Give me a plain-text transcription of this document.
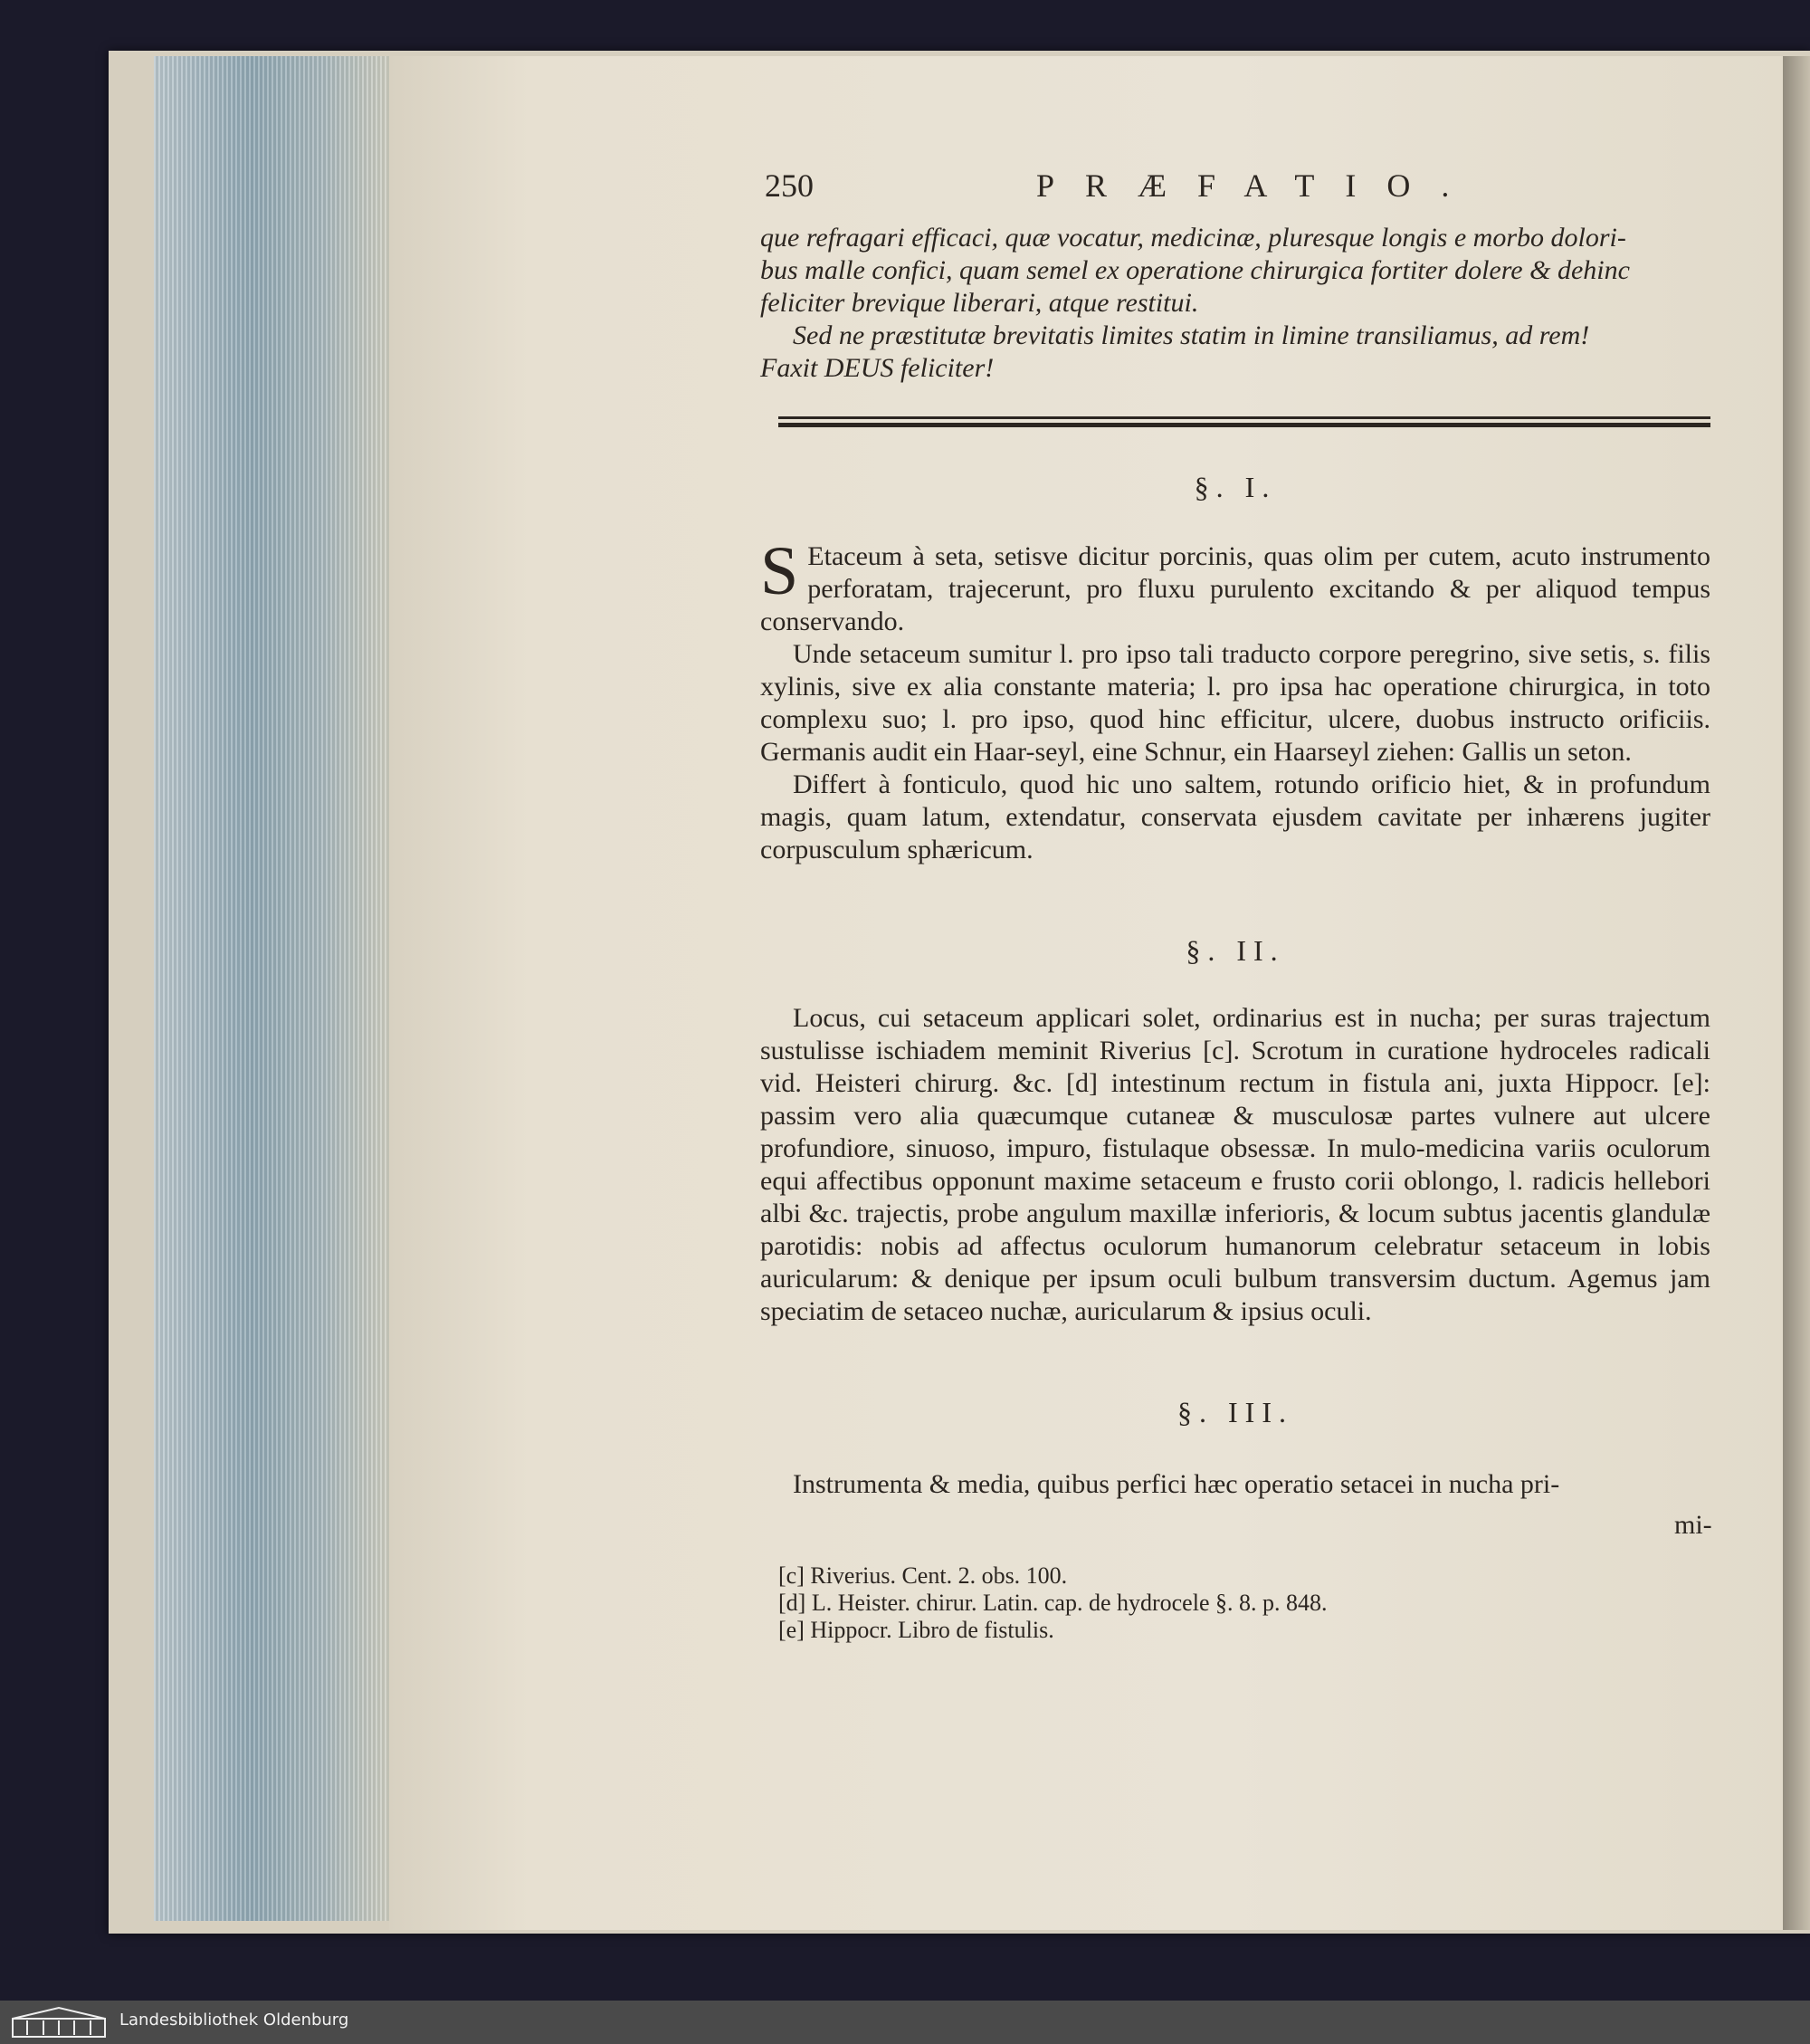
250	PRÆFATIO.
que refragari efficaci, quæ vocatur, medicinæ, pluresque longis e morbo dolori-
bus malle confici, quam semel ex operatione chirurgica fortiter dolere & dehinc
feliciter brevique liberari, atque restitui.
Sed ne præstitutæ brevitatis limites statim in limine transiliamus, ad rem!
Faxit DEUS feliciter!
§. I.

S Etaceum à seta, setisve dicitur porcinis, quas olim per cutem, acuto instrumento perforatam, trajecerunt, pro fluxu purulento excitando & per aliquod tempus conservando.

Unde setaceum sumitur l. pro ipso tali traducto corpore peregrino, sive setis, s. filis xylinis, sive ex alia constante materia; l. pro ipsa hac operatione chirurgica, in toto complexu suo; l. pro ipso, quod hinc efficitur, ulcere, duobus instructo orificiis. Germanis audit ein Haar-seyl, eine Schnur, ein Haarseyl ziehen: Gallis un seton.

Differt à fonticulo, quod hic uno saltem, rotundo orificio hiet, & in profundum magis, quam latum, extendatur, conservata ejusdem cavitate per inhærens jugiter corpusculum sphæricum.

§. II.

Locus, cui setaceum applicari solet, ordinarius est in nucha; per suras trajectum sustulisse ischiadem meminit Riverius [c]. Scrotum in curatione hydroceles radicali vid. Heisteri chirurg. &c. [d] intestinum rectum in fistula ani, juxta Hippocr. [e]: passim vero alia quæcumque cutaneæ & musculosæ partes vulnere aut ulcere profundiore, sinuoso, impuro, fistulaque obsessæ. In mulo-medicina variis oculorum equi affectibus opponunt maxime setaceum e frusto corii oblongo, l. radicis hellebori albi &c. trajectis, probe angulum maxillæ inferioris, & locum subtus jacentis glandulæ parotidis: nobis ad affectus oculorum humanorum celebratur setaceum in lobis auricularum: & denique per ipsum oculi bulbum transversim ductum. Agemus jam speciatim de setaceo nuchæ, auricularum & ipsius oculi.

§. III.

Instrumenta & media, quibus perfici hæc operatio setacei in nucha pri-

mi-
[c] Riverius. Cent. 2. obs. 100.
[d] L. Heister. chirur. Latin. cap. de hydrocele §. 8. p. 848.
[e] Hippocr. Libro de fistulis.
Landesbibliothek Oldenburg
